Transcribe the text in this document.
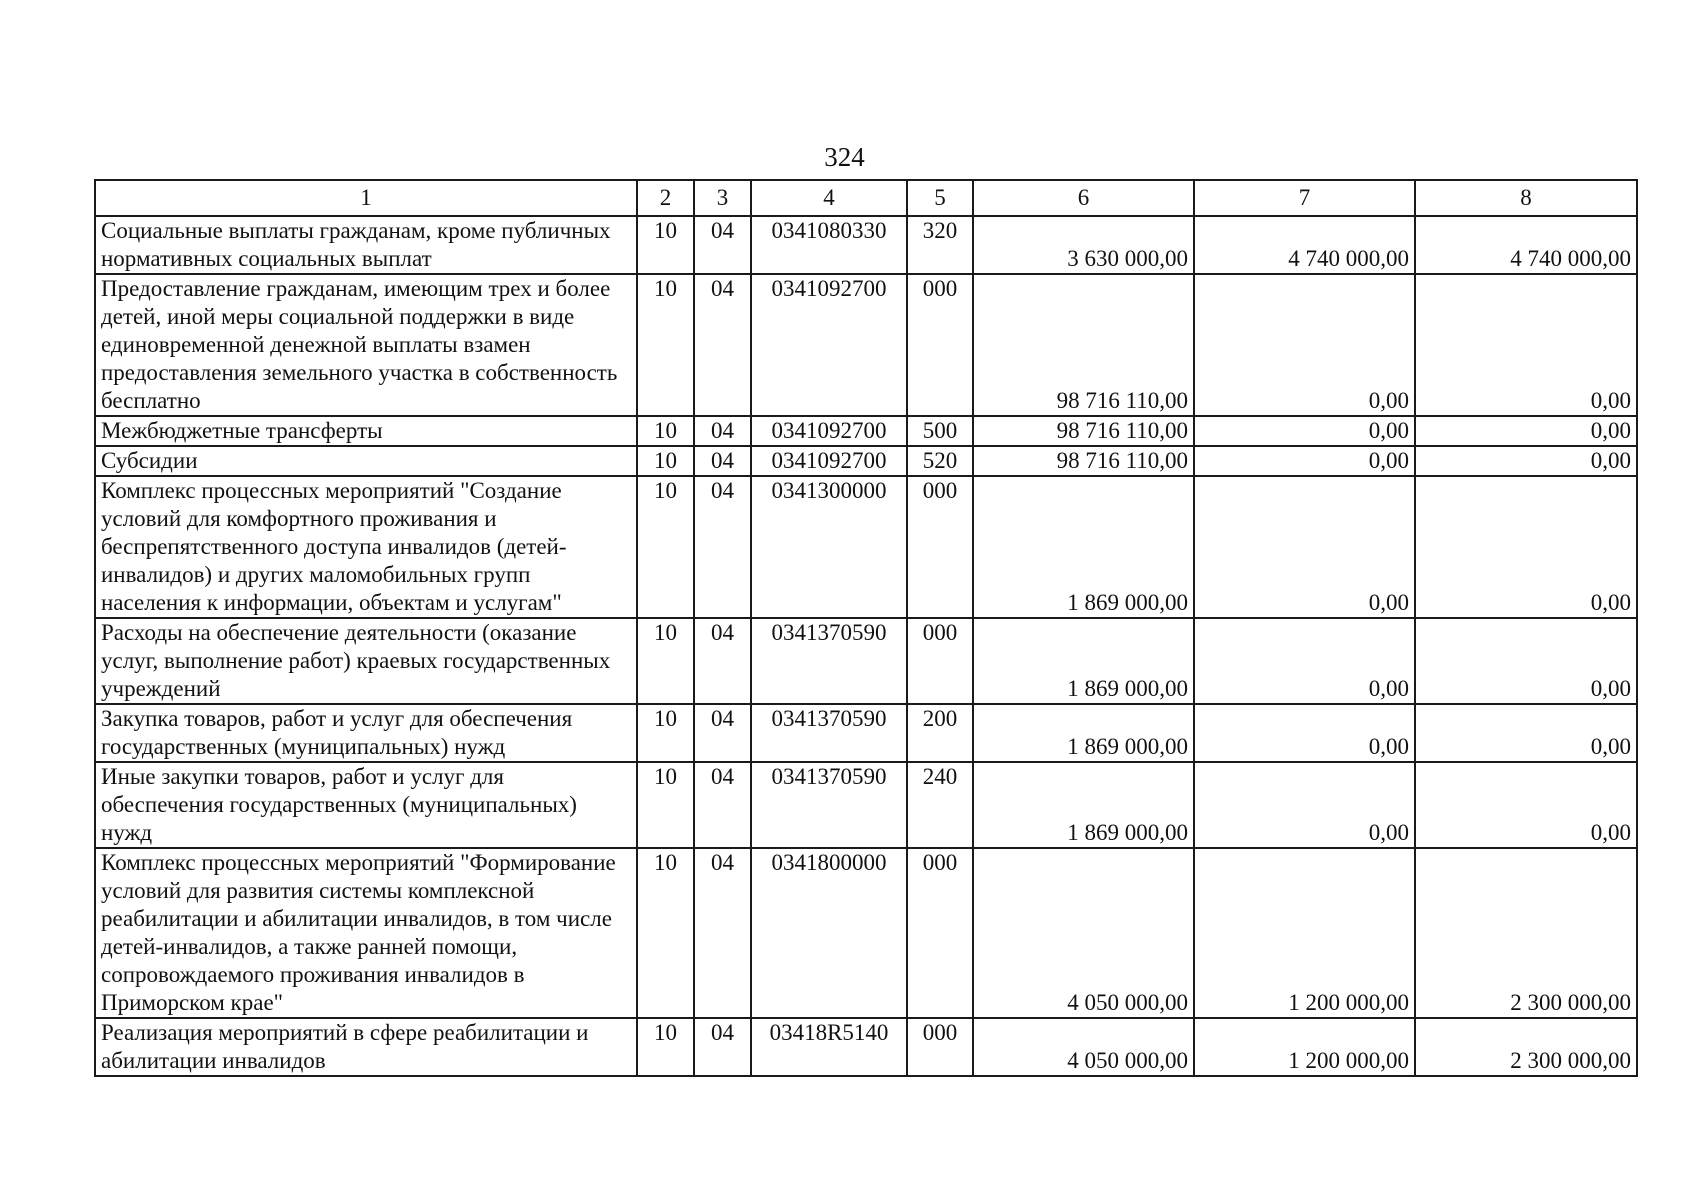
324
1	2	3	4	5	6	7	8
Социальные выплаты гражданам, кроме публичных нормативных социальных выплат	10	04	0341080330	320	3 630 000,00	4 740 000,00	4 740 000,00
Предоставление гражданам, имеющим трех и более детей, иной меры социальной поддержки в виде единовременной денежной выплаты взамен предоставления земельного участка в собственность бесплатно	10	04	0341092700	000	98 716 110,00	0,00	0,00
Межбюджетные трансферты	10	04	0341092700	500	98 716 110,00	0,00	0,00
Субсидии	10	04	0341092700	520	98 716 110,00	0,00	0,00
Комплекс процессных мероприятий "Создание условий для комфортного проживания и беспрепятственного доступа инвалидов (детей-инвалидов) и других маломобильных групп населения к информации, объектам и услугам"	10	04	0341300000	000	1 869 000,00	0,00	0,00
Расходы на обеспечение деятельности (оказание услуг, выполнение работ) краевых государственных учреждений	10	04	0341370590	000	1 869 000,00	0,00	0,00
Закупка товаров, работ и услуг для обеспечения государственных (муниципальных) нужд	10	04	0341370590	200	1 869 000,00	0,00	0,00
Иные закупки товаров, работ и услуг для обеспечения государственных (муниципальных) нужд	10	04	0341370590	240	1 869 000,00	0,00	0,00
Комплекс процессных мероприятий "Формирование условий для развития системы комплексной реабилитации и абилитации инвалидов, в том числе детей-инвалидов, а также ранней помощи, сопровождаемого проживания инвалидов в Приморском крае"	10	04	0341800000	000	4 050 000,00	1 200 000,00	2 300 000,00
Реализация мероприятий в сфере реабилитации и абилитации инвалидов	10	04	03418R5140	000	4 050 000,00	1 200 000,00	2 300 000,00
